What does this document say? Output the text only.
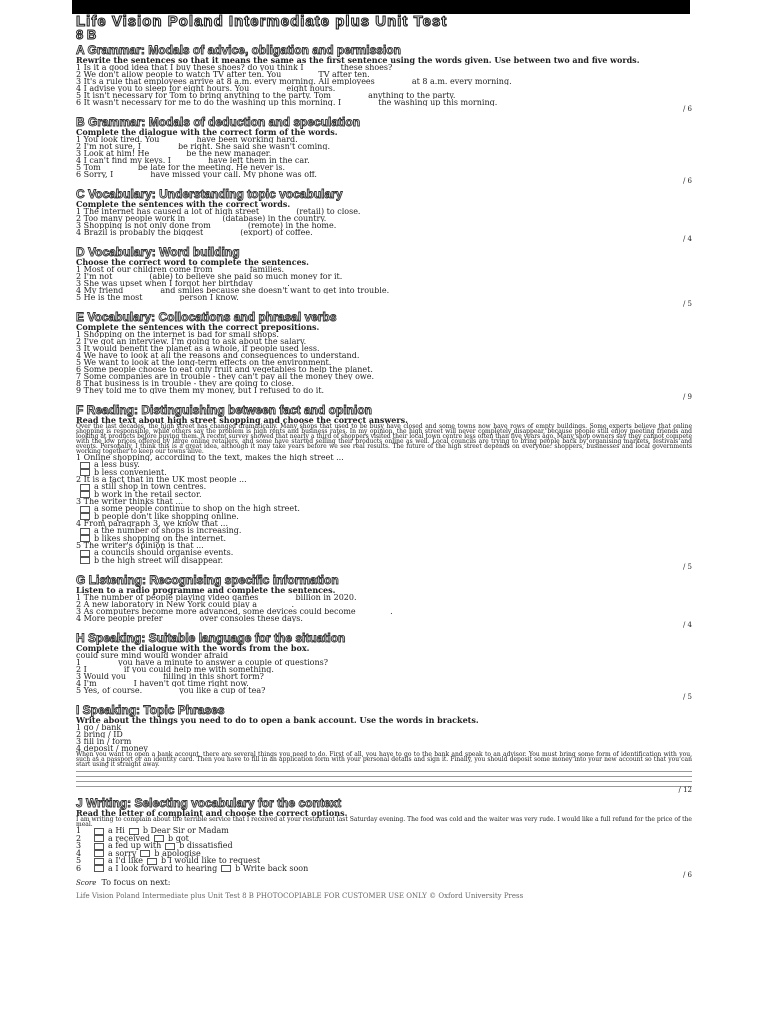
Life Vision Poland Intermediate plus Unit Test

8 B

A Grammar: Modals of advice, obligation and permission

Rewrite the sentences so that it means the same as the first sentence using the words given. Use between two and five words.

1 Is it a good idea that I buy these shoes? do you think I ________ these shoes?

2 We don't allow people to watch TV after ten. You ________ TV after ten.

3 It's a rule that employees arrive at 8 a.m. every morning. All employees ________ at 8 a.m. every morning.

4 I advise you to sleep for eight hours. You ________ eight hours.

5 It isn't necessary for Tom to bring anything to the party. Tom ________ anything to the party.

6 It wasn't necessary for me to do the washing up this morning. I ________ the washing up this morning.

/ 6

B Grammar: Modals of deduction and speculation

Complete the dialogue with the correct form of the words.

1 You look tired. You ________ have been working hard.

2 I'm not sure, I ________ be right. She said she wasn't coming.

3 Look at him! He ________ be the new manager.

4 I can't find my keys. I ________ have left them in the car.

5 Tom ________ be late for the meeting. He never is.

6 Sorry, I ________ have missed your call. My phone was off.

/ 6

C Vocabulary: Understanding topic vocabulary

Complete the sentences with the correct words.

1 The internet has caused a lot of high street ________ (retail) to close.

2 Too many people work in ________ (database) in the country.

3 Shopping is not only done from ________ (remote) in the home.

4 Brazil is probably the biggest ________ (export) of coffee.

/ 4

D Vocabulary: Word building

Choose the correct word to complete the sentences.

1 Most of our children come from ________ families.

2 I'm not ________ (able) to believe she paid so much money for it.

3 She was upset when I forgot her birthday ________.

4 My friend ________ and smiles because she doesn't want to get into trouble.

5 He is the most ________ person I know.

/ 5

E Vocabulary: Collocations and phrasal verbs

Complete the sentences with the correct prepositions.

1 Shopping on the internet is bad for small shops.

2 I've got an interview. I'm going to ask about the salary.

3 It would benefit the planet as a whole, if people used less.

4 We have to look at all the reasons and consequences to understand.

5 We want to look at the long-term effects on the environment.

6 Some people choose to eat only fruit and vegetables to help the planet.

7 Some companies are in trouble - they can't pay all the money they owe.

8 That business is in trouble - they are going to close.

9 They told me to give them my money, but I refused to do it.

/ 9

F Reading: Distinguishing between fact and opinion

Read the text about high street shopping and choose the correct answers.

Over the last decades, the high street has changed dramatically. Many shops that used to be busy have closed and some towns now have rows of empty buildings. Some experts believe that online shopping is responsible, while others say the problem is high rents and business rates. In my opinion, the high street will never completely disappear, because people still enjoy meeting friends and looking at products before buying them. A recent survey showed that nearly a third of shoppers visited their local town centre less often than five years ago. Many shop owners say they cannot compete with the low prices offered by large online retailers, and some have started selling their products online as well. Local councils are trying to bring people back by organising markets, festivals and events. Personally, I think this is a great idea, although it may take years before we see real results. The future of the high street depends on everyone: shoppers, businesses and local governments working together to keep our towns alive.

1 Online shopping, according to the text, makes the high street ...

a less busy.

b less convenient.

2 It is a fact that in the UK most people ...

a still shop in town centres.

b work in the retail sector.

3 The writer thinks that ...

a some people continue to shop on the high street.

b people don't like shopping online.

4 From paragraph 3, we know that ...

a the number of shops is increasing.

b likes shopping on the internet.

5 The writer's opinion is that ...

a councils should organise events.

b the high street will disappear.

/ 5

G Listening: Recognising specific information

Listen to a radio programme and complete the sentences.

1 The number of people playing video games ________ billion in 2020.

2 A new laboratory in New York could play a ________.

3 As computers become more advanced, some devices could become ________.

4 More people prefer ________ over consoles these days.

/ 4

H Speaking: Suitable language for the situation

Complete the dialogue with the words from the box.

could sure mind would wonder afraid

1 ________ you have a minute to answer a couple of questions?

2 I ________ if you could help me with something.

3 Would you ________ filling in this short form?

4 I'm ________ I haven't got time right now.

5 Yes, of course. ________ you like a cup of tea?

/ 5

I Speaking: Topic Phrases

Write about the things you need to do to open a bank account. Use the words in brackets.

1 go / bank

2 bring / ID

3 fill in / form

4 deposit / money

When you want to open a bank account, there are several things you need to do. First of all, you have to go to the bank and speak to an advisor. You must bring some form of identification with you, such as a passport or an identity card. Then you have to fill in an application form with your personal details and sign it. Finally, you should deposit some money into your new account so that you can start using it straight away.

/ 12

J Writing: Selecting vocabulary for the context

Read the letter of complaint and choose the correct options.

I am writing to complain about the terrible service that I received at your restaurant last Saturday evening. The food was cold and the waiter was very rude. I would like a full refund for the price of the meal.

1	a Hi b Dear Sir or Madam

2	a received b got

3	a fed up with b dissatisfied

4	a sorry b apologise

5	a I'd like b I would like to request

6	a I look forward to hearing b Write back soon

/ 6

Score To focus on next:

Life Vision Poland Intermediate plus Unit Test 8 B PHOTOCOPIABLE FOR CUSTOMER USE ONLY © Oxford University Press
